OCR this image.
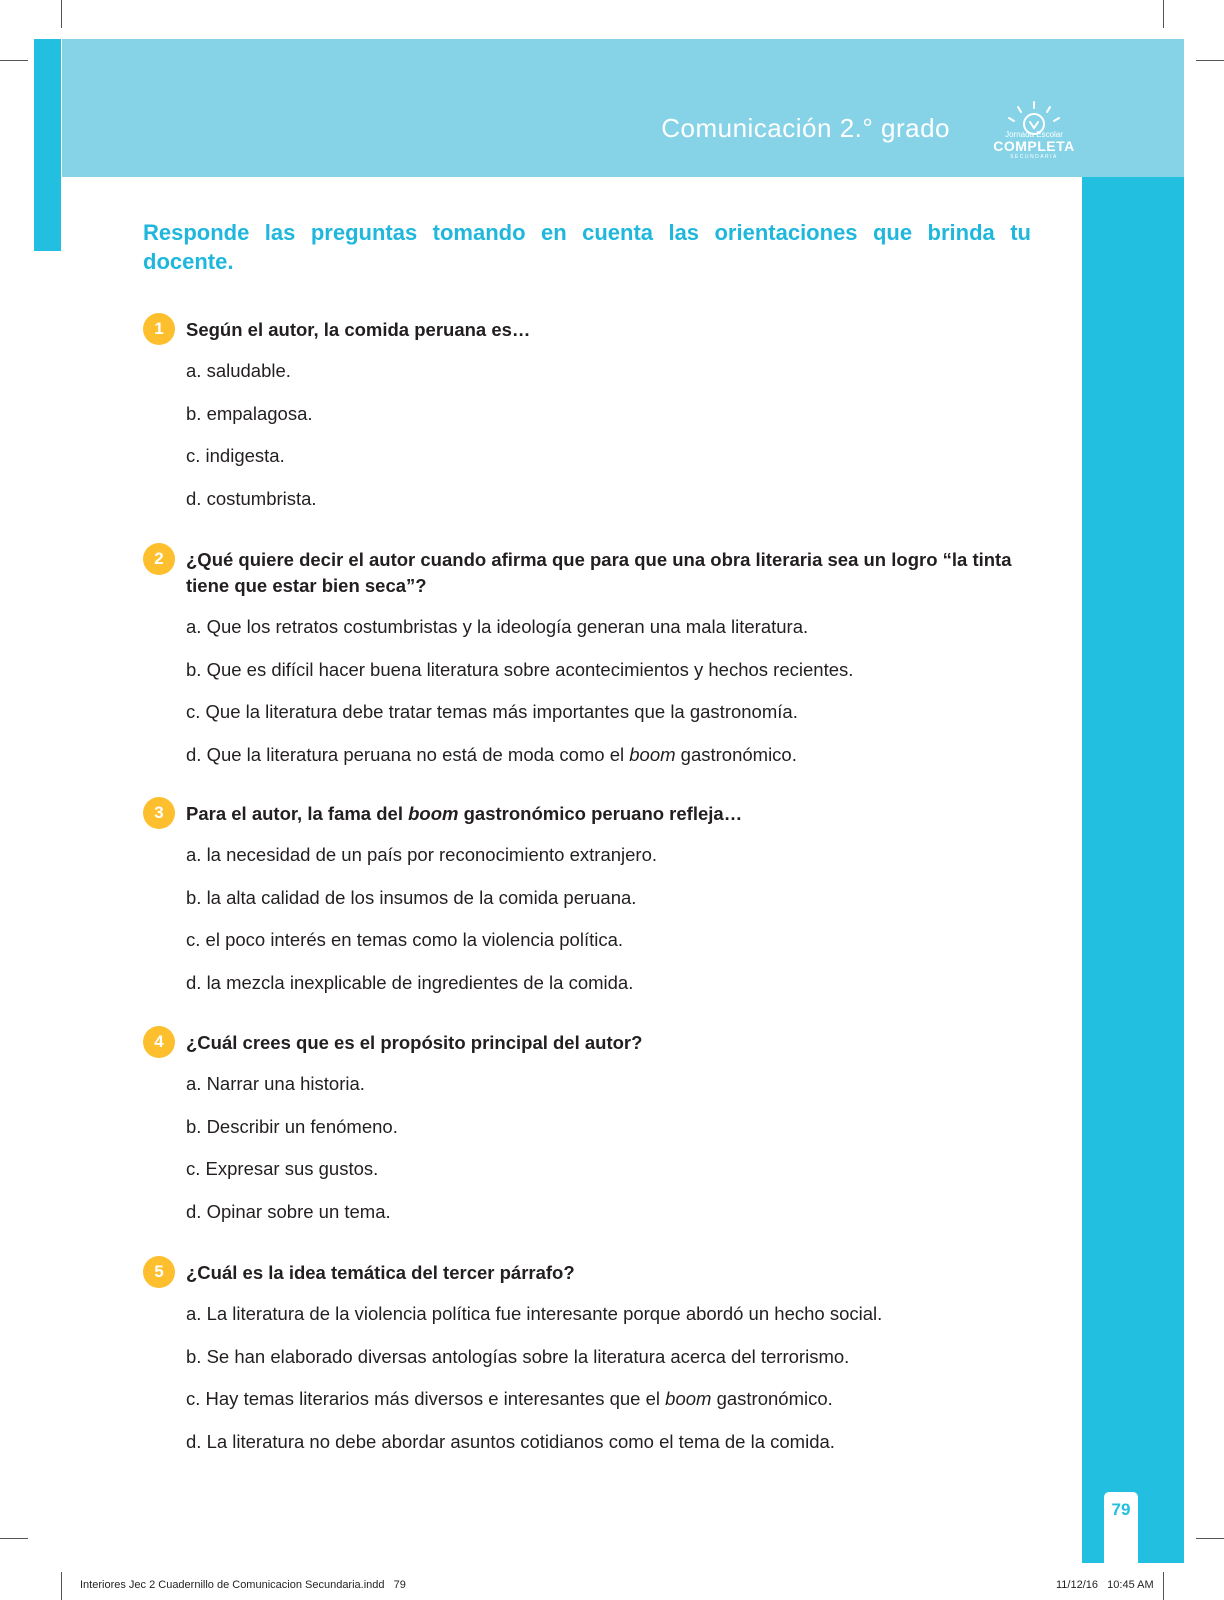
Comunicación 2.° grado	Jornada Escolar
COMPLETA
SECUNDARIA
Responde las preguntas tomando en cuenta las orientaciones que brinda tu docente.
1	Según el autor, la comida peruana es…
a. saludable.
b. empalagosa.
c. indigesta.
d. costumbrista.
2	¿Qué quiere decir el autor cuando afirma que para que una obra literaria sea un logro “la tinta tiene que estar bien seca”?
a. Que los retratos costumbristas y la ideología generan una mala literatura.
b. Que es difícil hacer buena literatura sobre acontecimientos y hechos recientes.
c. Que la literatura debe tratar temas más importantes que la gastronomía.
d. Que la literatura peruana no está de moda como el boom gastronómico.
3	Para el autor, la fama del boom gastronómico peruano refleja…
a. la necesidad de un país por reconocimiento extranjero.
b. la alta calidad de los insumos de la comida peruana.
c. el poco interés en temas como la violencia política.
d. la mezcla inexplicable de ingredientes de la comida.
4	¿Cuál crees que es el propósito principal del autor?
a. Narrar una historia.
b. Describir un fenómeno.
c. Expresar sus gustos.
d. Opinar sobre un tema.
5	¿Cuál es la idea temática del tercer párrafo?
a. La literatura de la violencia política fue interesante porque abordó un hecho social.
b. Se han elaborado diversas antologías sobre la literatura acerca del terrorismo.
c. Hay temas literarios más diversos e interesantes que el boom gastronómico.
d. La literatura no debe abordar asuntos cotidianos como el tema de la comida.
79
Interiores Jec 2 Cuadernillo de Comunicacion Secundaria.indd   79	11/12/16   10:45 AM
